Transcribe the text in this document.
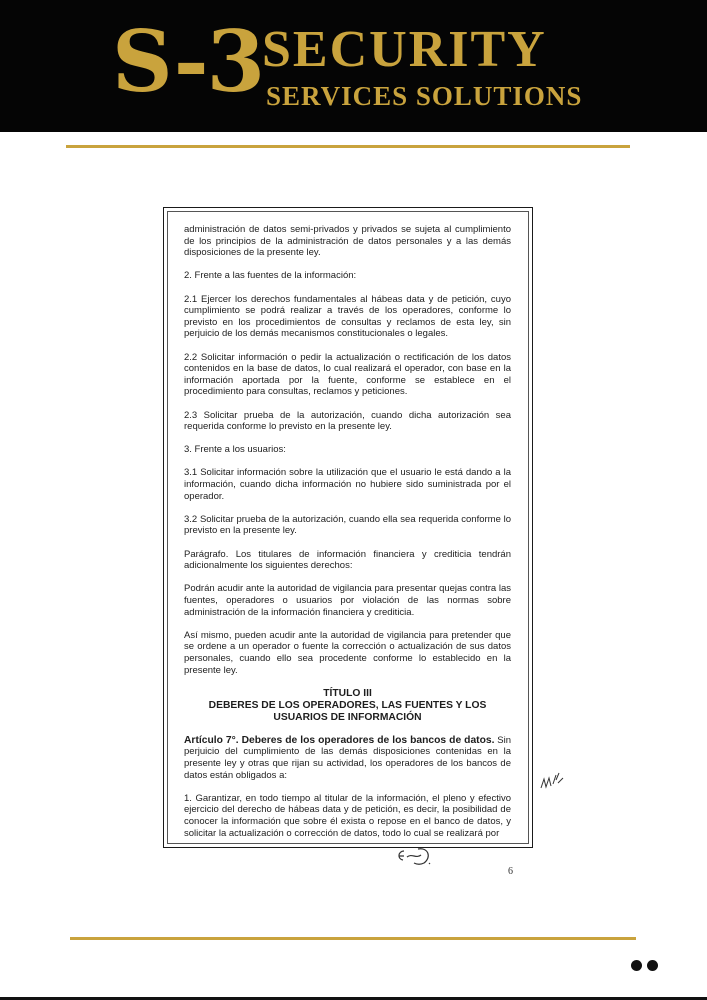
S-3
SECURITY
SERVICES SOLUTIONS

administración de datos semi-privados y privados se sujeta al cumplimiento de los principios de la administración de datos personales y a las demás disposiciones de la presente ley.

2. Frente a las fuentes de la información:

2.1 Ejercer los derechos fundamentales al hábeas data y de petición, cuyo cumplimiento se podrá realizar a través de los operadores, conforme lo previsto en los procedimientos de consultas y reclamos de esta ley, sin perjuicio de los demás mecanismos constitucionales o legales.

2.2 Solicitar información o pedir la actualización o rectificación de los datos contenidos en la base de datos, lo cual realizará el operador, con base en la información aportada por la fuente, conforme se establece en el procedimiento para consultas, reclamos y peticiones.

2.3 Solicitar prueba de la autorización, cuando dicha autorización sea requerida conforme lo previsto en la presente ley.

3. Frente a los usuarios:

3.1 Solicitar información sobre la utilización que el usuario le está dando a la información, cuando dicha información no hubiere sido suministrada por el operador.

3.2 Solicitar prueba de la autorización, cuando ella sea requerida conforme lo previsto en la presente ley.

Parágrafo. Los titulares de información financiera y crediticia tendrán adicionalmente los siguientes derechos:

Podrán acudir ante la autoridad de vigilancia para presentar quejas contra las fuentes, operadores o usuarios por violación de las normas sobre administración de la información financiera y crediticia.

Así mismo, pueden acudir ante la autoridad de vigilancia para pretender que se ordene a un operador o fuente la corrección o actualización de sus datos personales, cuando ello sea procedente conforme lo establecido en la presente ley.

TÍTULO III
DEBERES DE LOS OPERADORES, LAS FUENTES Y LOS USUARIOS DE INFORMACIÓN

Artículo 7°. Deberes de los operadores de los bancos de datos. Sin perjuicio del cumplimiento de las demás disposiciones contenidas en la presente ley y otras que rijan su actividad, los operadores de los bancos de datos están obligados a:

1. Garantizar, en todo tiempo al titular de la información, el pleno y efectivo ejercicio del derecho de hábeas data y de petición, es decir, la posibilidad de conocer la información que sobre él exista o repose en el banco de datos, y solicitar la actualización o corrección de datos, todo lo cual se realizará por

6
